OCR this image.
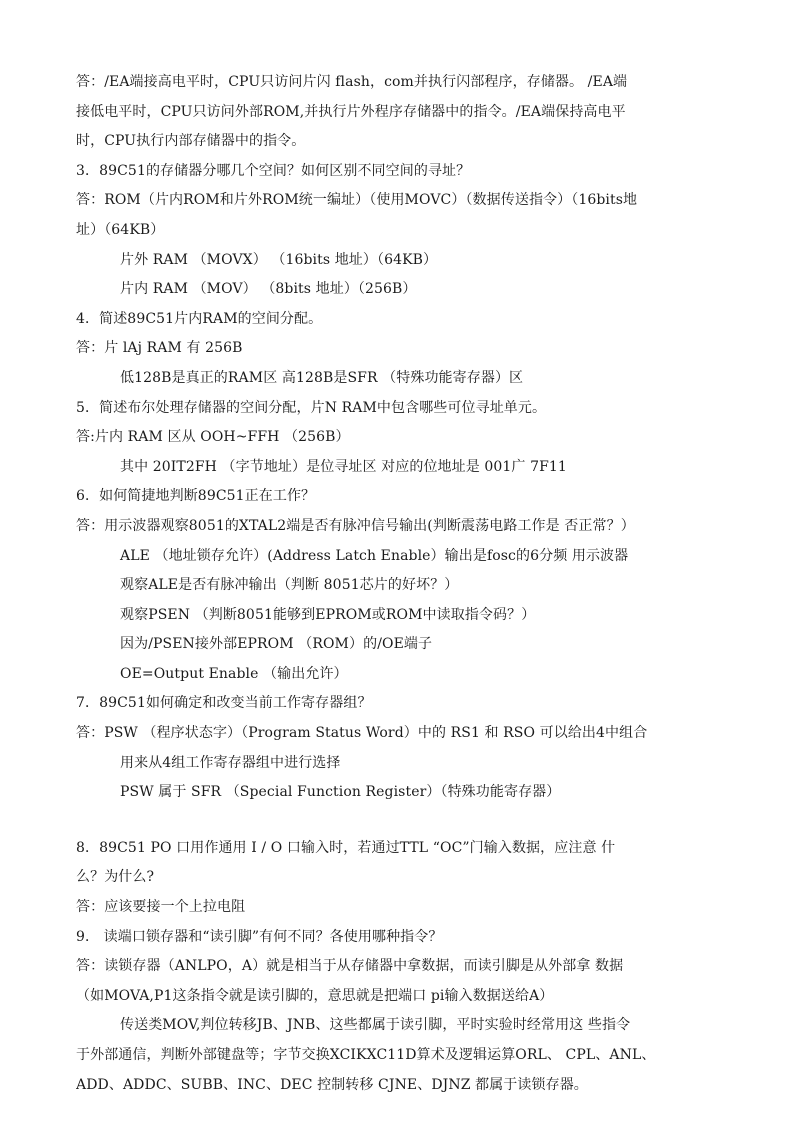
答：/EA端接高电平时，CPU只访问片闪 flash，com并执行闪部程序，存储器。 /EA端
接低电平时，CPU只访问外部ROM,并执行片外程序存储器中的指令。/EA端保持高电平
时，CPU执行内部存储器中的指令。
3．89C51的存储器分哪几个空间？如何区别不同空间的寻址？
答：ROM（片内ROM和片外ROM统一编址）（使用MOVC）（数据传送指令）（16bits地
址）（64KB）
片外 RAM （MOVX） （16bits 地址）（64KB）
片内 RAM （MOV） （8bits 地址）（256B）
4．简述89C51片内RAM的空间分配。
答：片 lAj RAM 有 256B
低128B是真正的RAM区 高128B是SFR （特殊功能寄存器）区
5．简述布尔处理存储器的空间分配，片N RAM中包含哪些可位寻址单元。
答:片内 RAM 区从 OOH~FFH （256B）
其中 20IT2FH （字节地址）是位寻址区 对应的位地址是 001广 7F11
6．如何简捷地判断89C51正在工作？
答：用示波器观察8051的XTAL2端是否有脉冲信号输出(判断震荡电路工作是 否正常？）
ALE （地址锁存允许）(Address Latch Enable）输出是fosc的6分频 用示波器
观察ALE是否有脉冲输出（判断 8051芯片的好坏？）
观察PSEN （判断8051能够到EPROM或ROM中读取指令码？）
因为/PSEN接外部EPROM （ROM）的/OE端子
OE=Output Enable （输出允许）
7．89C51如何确定和改变当前工作寄存器组？
答：PSW （程序状态字）（Program Status Word）中的 RS1 和 RSO 可以给出4中组合
用来从4组工作寄存器组中进行选择
PSW 属于 SFR （Special Function Register）（特殊功能寄存器）
8．89C51 PO 口用作通用 I / O 口输入时，若通过TTL “OC”门输入数据，应注意 什
么？为什么?
答：应该要接一个上拉电阻
9． 读端口锁存器和“读引脚”有何不同？各使用哪种指令？
答：读锁存器（ANLPO，A）就是相当于从存储器中拿数据，而读引脚是从外部拿 数据
（如MOVA,P1这条指令就是读引脚的，意思就是把端口 pi输入数据送给A）
传送类MOV,判位转移JB、JNB、这些都属于读引脚，平时实验时经常用这 些指令
于外部通信，判断外部键盘等；字节交换XCIKXC11D算术及逻辑运算ORL、 CPL、ANL、
ADD、ADDC、SUBB、INC、DEC 控制转移 CJNE、DJNZ 都属于读锁存器。
